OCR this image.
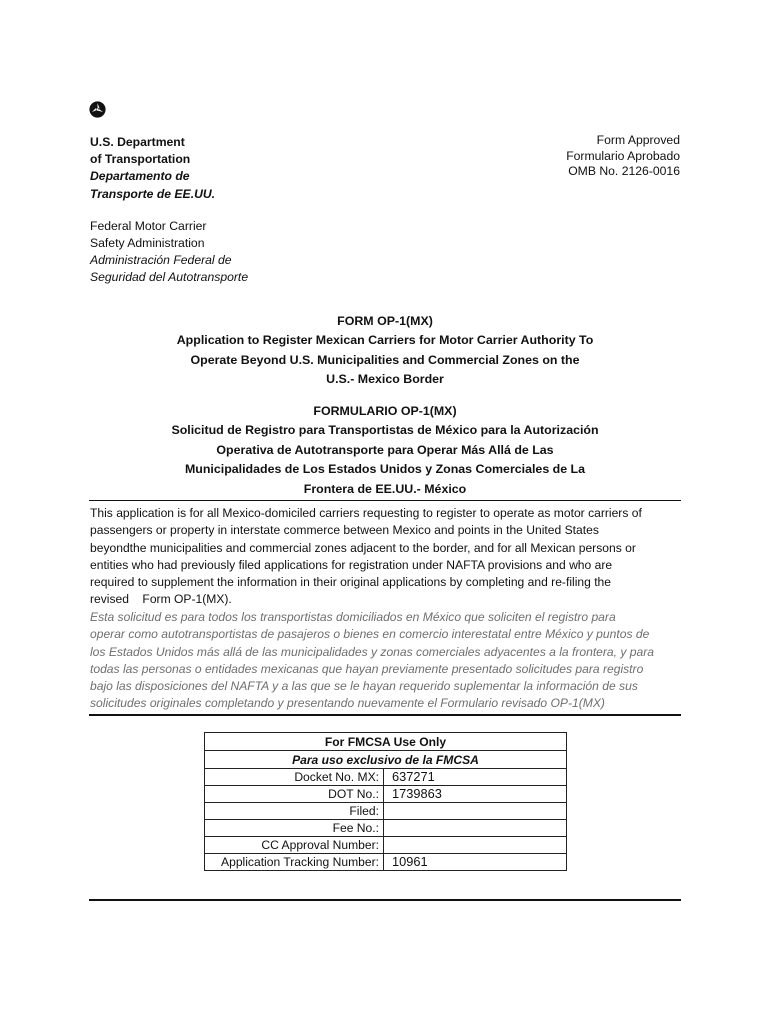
U.S. Department
of Transportation
Departamento de
Transporte de EE.UU.
Federal Motor Carrier
Safety Administration
Administración Federal de
Seguridad del Autotransporte
Form Approved
Formulario Aprobado
OMB No. 2126-0016
FORM OP-1(MX)
Application to Register Mexican Carriers for Motor Carrier Authority To
Operate Beyond U.S. Municipalities and Commercial Zones on the
U.S.- Mexico Border
FORMULARIO OP-1(MX)
Solicitud de Registro para Transportistas de México para la Autorización
Operativa de Autotransporte para Operar Más Allá de Las
Municipalidades de Los Estados Unidos y Zonas Comerciales de La
Frontera de EE.UU.- México
This application is for all Mexico-domiciled carriers requesting to register to operate as motor carriers of
passengers or property in interstate commerce between Mexico and points in the United States
beyondthe municipalities and commercial zones adjacent to the border, and for all Mexican persons or
entities who had previously filed applications for registration under NAFTA provisions and who are
required to supplement the information in their original applications by completing and re-filing the
revised    Form OP-1(MX).
Esta solicitud es para todos los transportistas domiciliados en México que soliciten el registro para
operar como autotransportistas de pasajeros o bienes en comercio interestatal entre México y puntos de
los Estados Unidos más allá de las municipalidades y zonas comerciales adyacentes a la frontera, y para
todas las personas o entidades mexicanas que hayan previamente presentado solicitudes para registro
bajo las disposiciones del NAFTA y a las que se le hayan requerido suplementar la información de sus
solicitudes originales completando y presentando nuevamente el Formulario revisado OP-1(MX)
For FMCSA Use Only	
Para uso exclusivo de la FMCSA	
Docket No. MX:	637271
DOT No.:	1739863
Filed:	
Fee No.:	
CC Approval Number:	
Application Tracking Number:	10961
